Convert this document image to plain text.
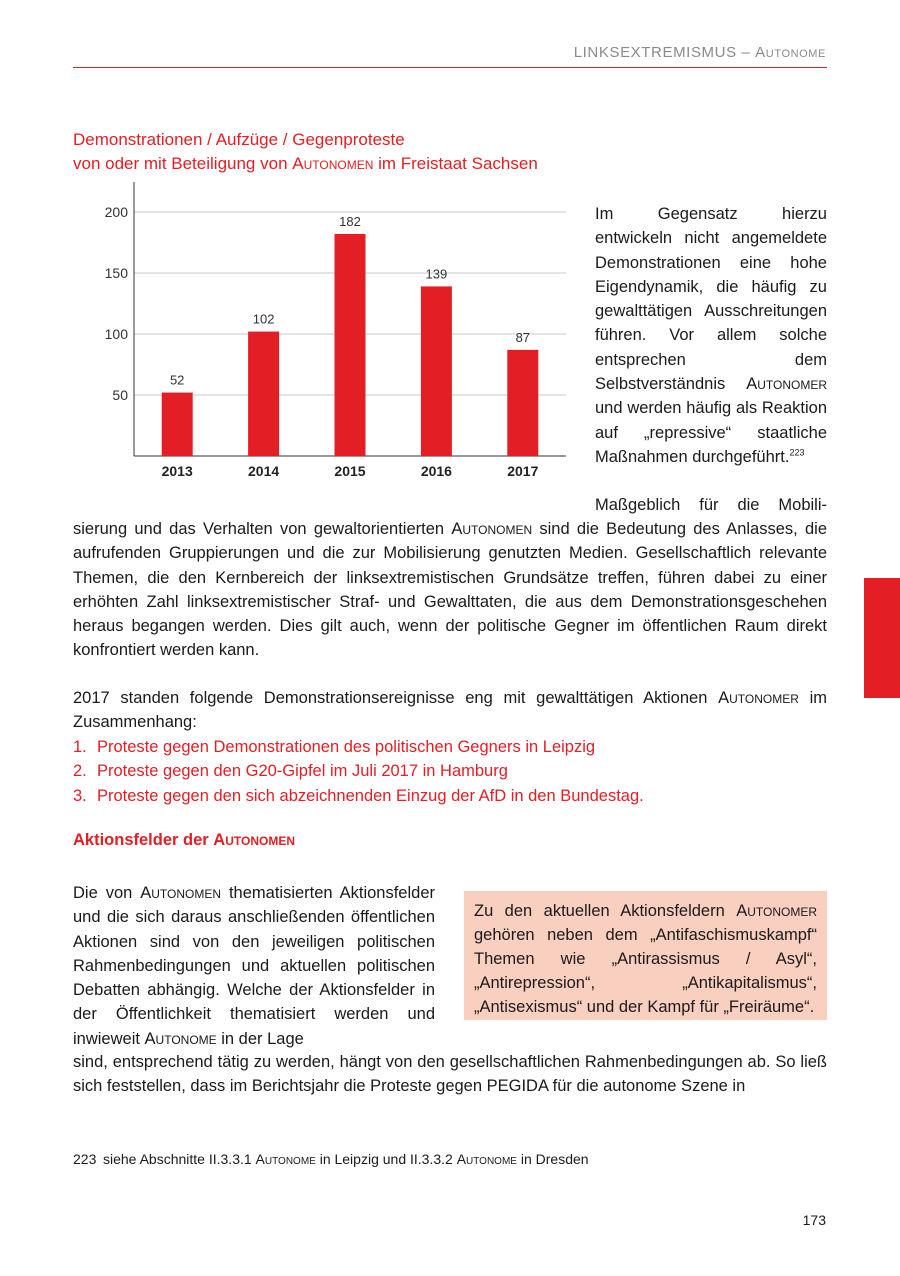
LINKSEXTREMISMUS – Autonome
Demonstrationen / Aufzüge / Gegenproteste
von oder mit Beteiligung von Autonomen im Freistaat Sachsen
50
100
150
200
52
2013
102
2014
182
2015
139
2016
87
2017

Im Gegensatz hierzu entwickeln nicht angemeldete Demonstrationen eine hohe Eigendynamik, die häufig zu gewalttätigen Ausschreitungen führen. Vor allem solche entsprechen dem Selbstverständnis Autonomer und werden häufig als Reaktion auf „repressive“ staatliche Maßnahmen durchgeführt.$^{223}$

Maßgeblich für die Mobili-

sierung und das Verhalten von gewaltorientierten Autonomen sind die Bedeutung des Anlasses, die aufrufenden Gruppierungen und die zur Mobilisierung genutzten Medien. Gesellschaftlich relevante Themen, die den Kernbereich der linksextremistischen Grundsätze treffen, führen dabei zu einer erhöhten Zahl linksextremistischer Straf- und Gewalttaten, die aus dem Demonstrationsgeschehen heraus begangen werden. Dies gilt auch, wenn der politische Gegner im öffentlichen Raum direkt konfrontiert werden kann.

2017 standen folgende Demonstrationsereignisse eng mit gewalttätigen Aktionen Autonomer im Zusammenhang:

1. Proteste gegen Demonstrationen des politischen Gegners in Leipzig
2. Proteste gegen den G20-Gipfel im Juli 2017 in Hamburg
3. Proteste gegen den sich abzeichnenden Einzug der AfD in den Bundestag.
Aktionsfelder der Autonomen

Die von Autonomen thematisierten Aktionsfelder und die sich daraus anschließenden öffentlichen Aktionen sind von den jeweiligen politischen Rahmenbedingungen und aktuellen politischen Debatten abhängig. Welche der Aktionsfelder in der Öffentlichkeit thematisiert werden und inwieweit Autonome in der Lage

Zu den aktuellen Aktionsfeldern Autonomer gehören neben dem „Antifaschismuskampf“ Themen wie „Antirassismus / Asyl“, „Antirepression“, „Antikapitalismus“, „Antisexismus“ und der Kampf für „Freiräume“.

sind, entsprechend tätig zu werden, hängt von den gesellschaftlichen Rahmenbedingungen ab. So ließ sich feststellen, dass im Berichtsjahr die Proteste gegen PEGIDA für die autonome Szene in

223 siehe Abschnitte II.3.3.1 Autonome in Leipzig und II.3.3.2 Autonome in Dresden
173
